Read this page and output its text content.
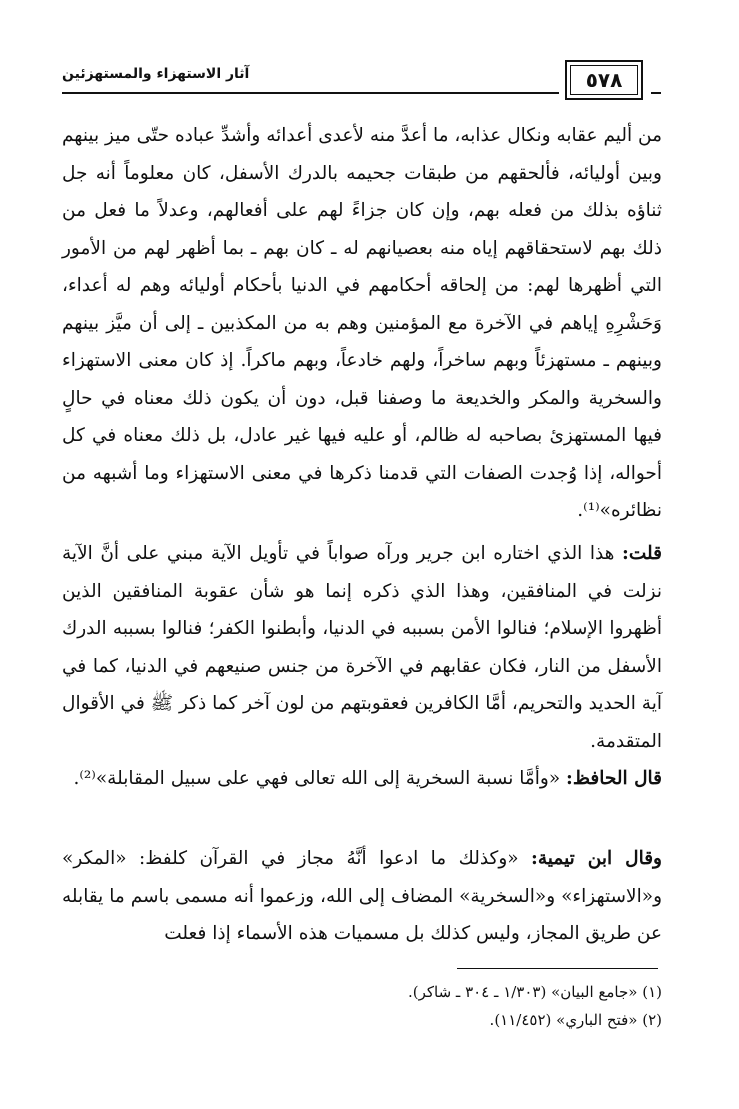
آثار الاستهزاء والمستهزئين	٥٧٨

من أليم عقابه ونكال عذابه، ما أعدَّ منه لأعدى أعدائه وأشدِّ عباده حتّى ميز بينهم وبين أوليائه، فألحقهم من طبقات جحيمه بالدرك الأسفل، كان معلوماً أنه جل ثناؤه بذلك من فعله بهم، وإن كان جزاءً لهم على أفعالهم، وعدلاً ما فعل من ذلك بهم لاستحقاقهم إياه منه بعصيانهم له ـ كان بهم ـ بما أظهر لهم من الأمور التي أظهرها لهم: من إلحاقه أحكامهم في الدنيا بأحكام أوليائه وهم له أعداء، وَحَشْرِهِ إياهم في الآخرة مع المؤمنين وهم به من المكذبين ـ إلى أن ميَّز بينهم وبينهم ـ مستهزئاً وبهم ساخراً، ولهم خادعاً، وبهم ماكراً. إذ كان معنى الاستهزاء والسخرية والمكر والخديعة ما وصفنا قبل، دون أن يكون ذلك معناه في حالٍ فيها المستهزئ بصاحبه له ظالم، أو عليه فيها غير عادل، بل ذلك معناه في كل أحواله، إذا وُجدت الصفات التي قدمنا ذكرها في معنى الاستهزاء وما أشبهه من نظائره»⁽¹⁾.

قلت: هذا الذي اختاره ابن جرير ورآه صواباً في تأويل الآية مبني على أنَّ الآية نزلت في المنافقين، وهذا الذي ذكره إنما هو شأن عقوبة المنافقين الذين أظهروا الإسلام؛ فنالوا الأمن بسببه في الدنيا، وأبطنوا الكفر؛ فنالوا بسببه الدرك الأسفل من النار، فكان عقابهم في الآخرة من جنس صنيعهم في الدنيا، كما في آية الحديد والتحريم، أمَّا الكافرين فعقوبتهم من لون آخر كما ذكر ﷺ في الأقوال المتقدمة.

قال الحافظ: «وأمَّا نسبة السخرية إلى الله تعالى فهي على سبيل المقابلة»⁽²⁾.

وقال ابن تيمية: «وكذلك ما ادعوا أنَّهُ مجاز في القرآن كلفظ: «المكر» و«الاستهزاء» و«السخرية» المضاف إلى الله، وزعموا أنه مسمى باسم ما يقابله عن طريق المجاز، وليس كذلك بل مسميات هذه الأسماء إذا فعلت

(١) «جامع البيان» (١/٣٠٣ ـ ٣٠٤ ـ شاكر).

(٢) «فتح الباري» (١١/٤٥٢).
